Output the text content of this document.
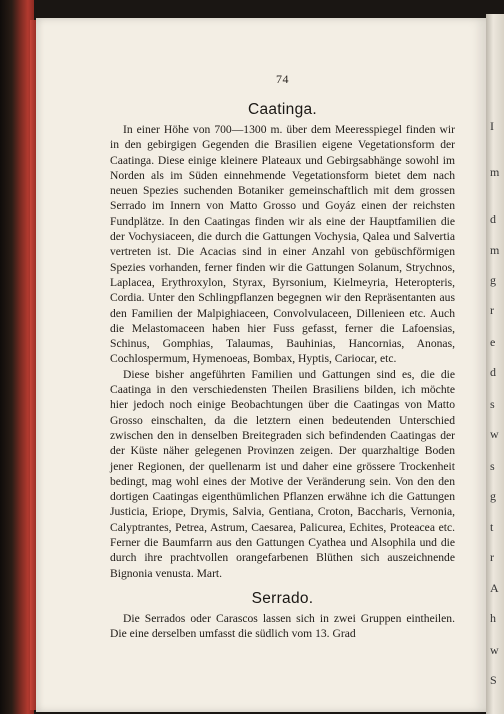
I
m
d
m
g
r
e
d
s
w
s
g
t
r
A
h
w
S
74
Caatinga.

In einer Höhe von 700—1300 m. über dem Meeresspiegel finden wir in den gebirgigen Gegenden die Brasilien eigene Vegetationsform der Caatinga. Diese einige kleinere Plateaux und Gebirgsabhänge sowohl im Norden als im Süden einnehmende Vegetationsform bietet dem nach neuen Spezies suchenden Botaniker gemeinschaftlich mit dem grossen Serrado im Innern von Matto Grosso und Goyáz einen der reichsten Fundplätze. In den Caatingas finden wir als eine der Hauptfamilien die der Vochysiaceen, die durch die Gattungen Vochysia, Qalea und Salvertia vertreten ist. Die Acacias sind in einer Anzahl von gebüschförmigen Spezies vorhanden, ferner finden wir die Gattungen Solanum, Strychnos, Laplacea, Erythroxylon, Styrax, Byrsonium, Kielmeyria, Heteropteris, Cordia. Unter den Schlingpflanzen begegnen wir den Repräsentanten aus den Familien der Malpighiaceen, Convolvulaceen, Dillenieen etc. Auch die Melastomaceen haben hier Fuss gefasst, ferner die Lafoensias, Schinus, Gomphias, Talaumas, Bauhinias, Hancornias, Anonas, Cochlospermum, Hymenoeas, Bombax, Hyptis, Cariocar, etc.

Diese bisher angeführten Familien und Gattungen sind es, die die Caatinga in den verschiedensten Theilen Brasiliens bilden, ich möchte hier jedoch noch einige Beobachtungen über die Caatingas von Matto Grosso einschalten, da die letztern einen bedeutenden Unterschied zwischen den in denselben Breitegraden sich befindenden Caatingas der der Küste näher gelegenen Provinzen zeigen. Der quarzhaltige Boden jener Regionen, der quellenarm ist und daher eine grössere Trockenheit bedingt, mag wohl eines der Motive der Veränderung sein. Von den den dortigen Caatingas eigenthümlichen Pflanzen erwähne ich die Gattungen Justicia, Eriope, Drymis, Salvia, Gentiana, Croton, Baccharis, Vernonia, Calyptrantes, Petrea, Astrum, Caesarea, Palicurea, Echites, Proteacea etc. Ferner die Baumfarrn aus den Gattungen Cyathea und Alsophila und die durch ihre prachtvollen orangefarbenen Blüthen sich auszeichnende Bignonia venusta. Mart.

Serrado.

Die Serrados oder Carascos lassen sich in zwei Gruppen eintheilen. Die eine derselben umfasst die südlich vom 13. Grad
